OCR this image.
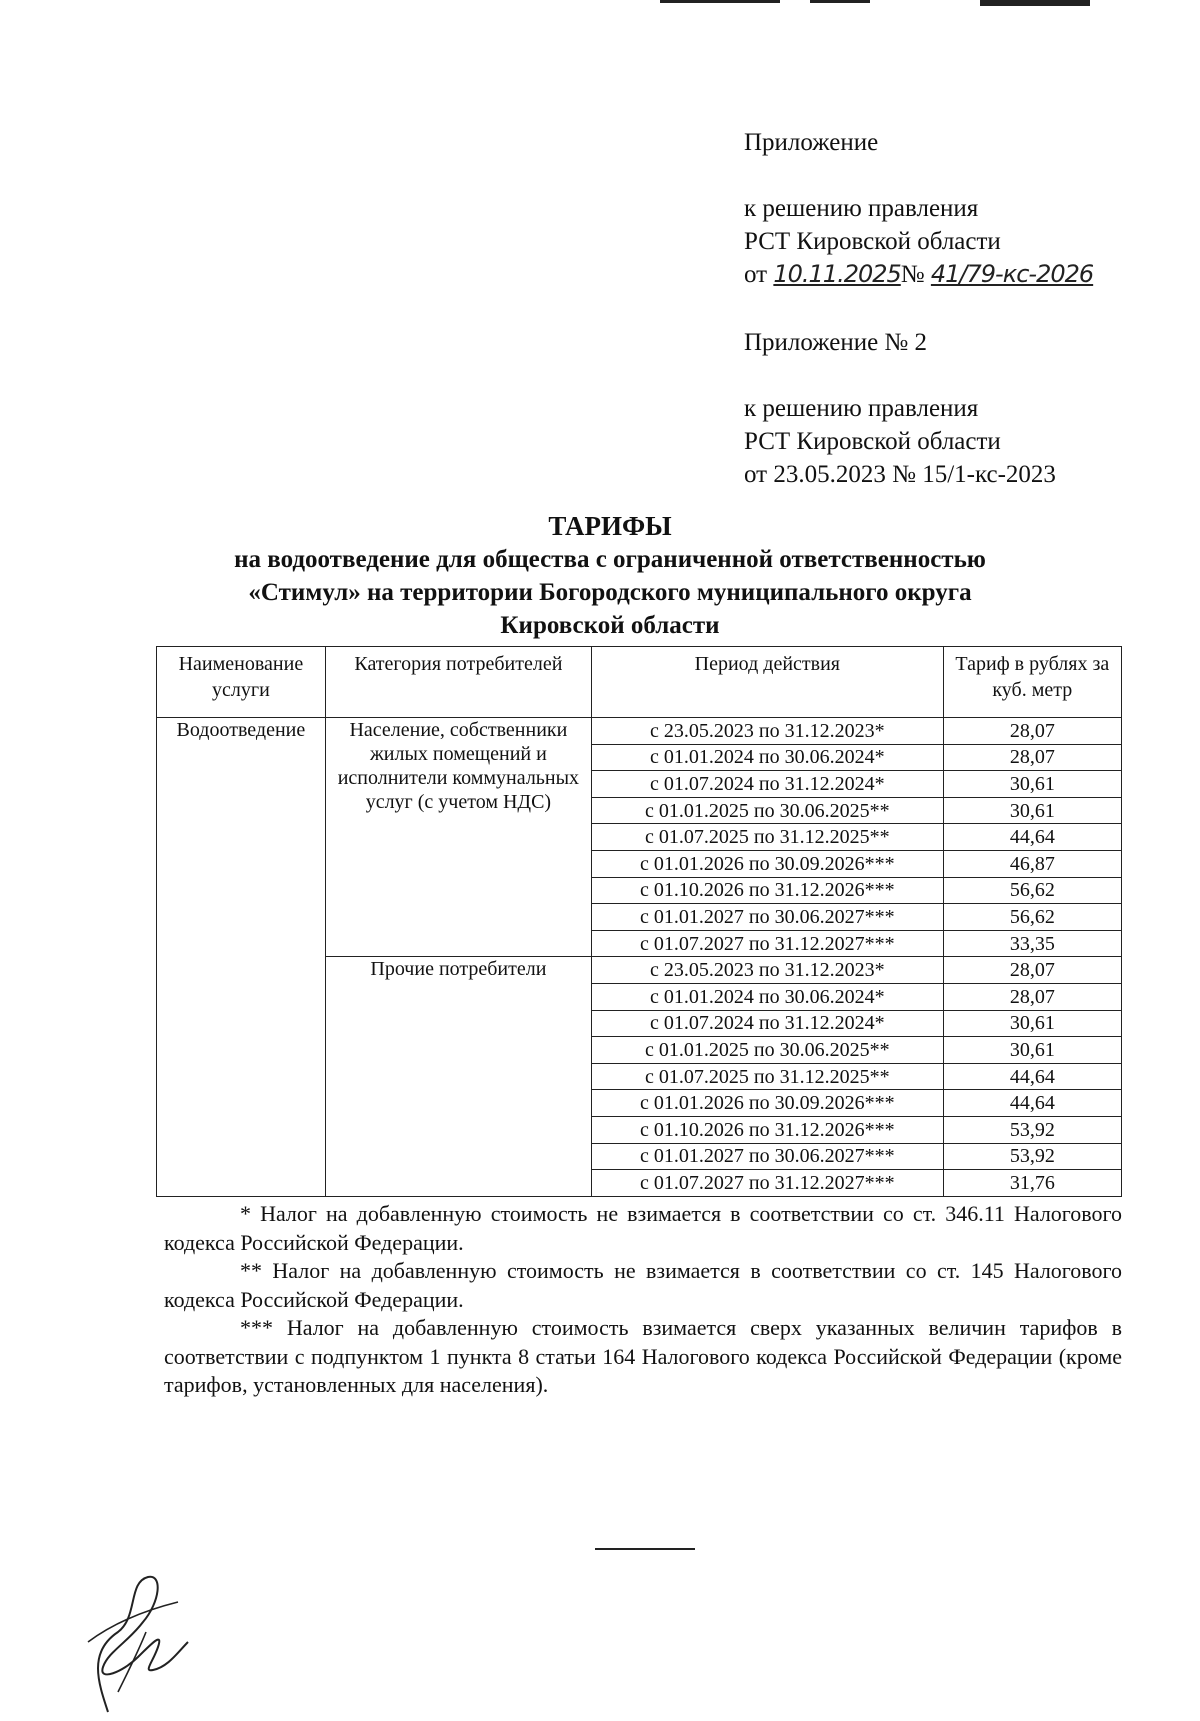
Приложение
к решению правления
РСТ Кировской области
от 10.11.2025№ 41/79-кс-2026
Приложение № 2
к решению правления
РСТ Кировской области
от 23.05.2023 № 15/1-кс-2023
ТАРИФЫ
на водоотведение для общества с ограниченной ответственностью
«Стимул» на территории Богородского муниципального округа
Кировской области
Наименование услуги	Категория потребителей	Период действия	Тариф в рублях за куб. метр
Водоотведение	Население, собственники жилых помещений и исполнители коммунальных услуг (с учетом НДС)	с 23.05.2023 по 31.12.2023*	28,07
		с 01.01.2024 по 30.06.2024*	28,07
		с 01.07.2024 по 31.12.2024*	30,61
		с 01.01.2025 по 30.06.2025**	30,61
		с 01.07.2025 по 31.12.2025**	44,64
		с 01.01.2026 по 30.09.2026***	46,87
		с 01.10.2026 по 31.12.2026***	56,62
		с 01.01.2027 по 30.06.2027***	56,62
		с 01.07.2027 по 31.12.2027***	33,35
	Прочие потребители	с 23.05.2023 по 31.12.2023*	28,07
		с 01.01.2024 по 30.06.2024*	28,07
		с 01.07.2024 по 31.12.2024*	30,61
		с 01.01.2025 по 30.06.2025**	30,61
		с 01.07.2025 по 31.12.2025**	44,64
		с 01.01.2026 по 30.09.2026***	44,64
		с 01.10.2026 по 31.12.2026***	53,92
		с 01.01.2027 по 30.06.2027***	53,92
		с 01.07.2027 по 31.12.2027***	31,76

* Налог на добавленную стоимость не взимается в соответствии со ст. 346.11 Налогового кодекса Российской Федерации.

** Налог на добавленную стоимость не взимается в соответствии со ст. 145 Налогового кодекса Российской Федерации.

*** Налог на добавленную стоимость взимается сверх указанных величин тарифов в соответствии с подпунктом 1 пункта 8 статьи 164 Налогового кодекса Российской Федерации (кроме тарифов, установленных для населения).
